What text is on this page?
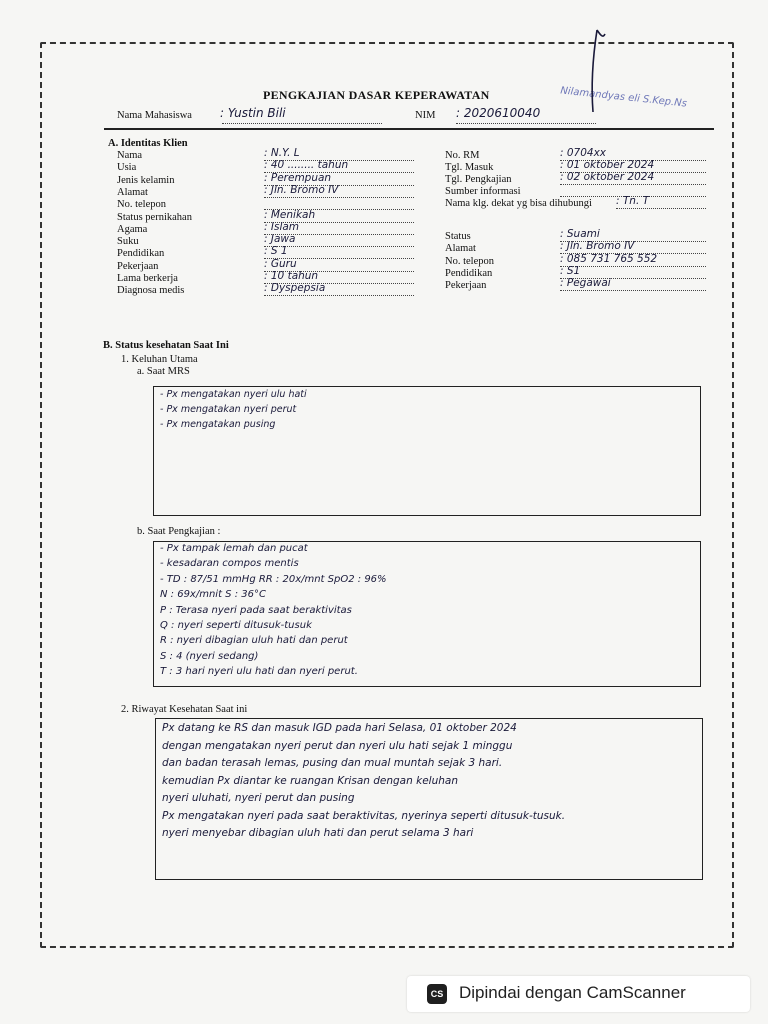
PENGKAJIAN DASAR KEPERAWATAN	Nilamandyas eli S.Kep.Ns
Nama Mahasiswa : Yustin Bili	NIM : 2020610040
A. Identitas Klien
Nama	: N.Y. L
Usia	: 40 ........ tahun
Jenis kelamin	: Perempuan
Alamat	: Jln. Bromo IV
No. telepon
Status pernikahan	: Menikah
Agama	: Islam
Suku	: Jawa
Pendidikan	: S 1
Pekerjaan	: Guru
Lama berkerja	: 10 tahun
Diagnosa medis	: Dyspepsia
No. RM	: 0704xx
Tgl. Masuk	: 01 oktober 2024
Tgl. Pengkajian	: 02 oktober 2024
Sumber informasi
Nama klg. dekat yg bisa dihubungi : Tn. T
Status	: Suami
Alamat	: Jln. Bromo IV
No. telepon	: 085 731 765 552
Pendidikan	: S1
Pekerjaan	: Pegawai
B. Status kesehatan Saat Ini
1. Keluhan Utama
a. Saat MRS
- Px mengatakan nyeri ulu hati
- Px mengatakan nyeri perut
- Px mengatakan pusing
b. Saat Pengkajian :
- Px tampak lemah dan pucat
- kesadaran compos mentis
- TD : 87/51 mmHg RR : 20x/mnt SpO2 : 96%
N : 69x/mnit S : 36°C
P : Terasa nyeri pada saat beraktivitas
Q : nyeri seperti ditusuk-tusuk
R : nyeri dibagian uluh hati dan perut
S : 4 (nyeri sedang)
T : 3 hari nyeri ulu hati dan nyeri perut.
2. Riwayat Kesehatan Saat ini
Px datang ke RS dan masuk IGD pada hari Selasa, 01 oktober 2024
dengan mengatakan nyeri perut dan nyeri ulu hati sejak 1 minggu
dan badan terasah lemas, pusing dan mual muntah sejak 3 hari.
kemudian Px diantar ke ruangan Krisan dengan keluhan
nyeri uluhati, nyeri perut dan pusing
Px mengatakan nyeri pada saat beraktivitas, nyerinya seperti ditusuk-tusuk.
nyeri menyebar dibagian uluh hati dan perut selama 3 hari
CS Dipindai dengan CamScanner
